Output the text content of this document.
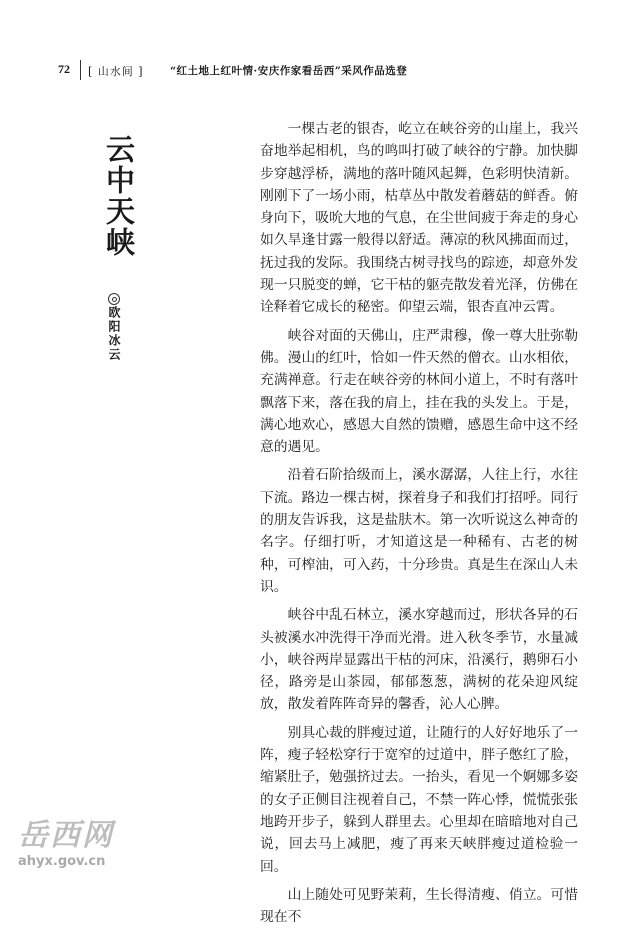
72 [ 山水间 ]	“红土地上红叶情·安庆作家看岳西”采风作品选登
云中天峡
欧阳冰云

一棵古老的银杏，屹立在峡谷旁的山崖上，我兴奋地举起相机，鸟的鸣叫打破了峡谷的宁静。加快脚步穿越浮桥，满地的落叶随风起舞，色彩明快清新。刚刚下了一场小雨，枯草丛中散发着蘑菇的鲜香。俯身向下，吸吮大地的气息，在尘世间疲于奔走的身心如久旱逢甘露一般得以舒适。薄凉的秋风拂面而过，抚过我的发际。我围绕古树寻找鸟的踪迹，却意外发现一只脱变的蝉，它干枯的躯壳散发着光泽，仿佛在诠释着它成长的秘密。仰望云端，银杏直冲云霄。

峡谷对面的天佛山，庄严肃穆，像一尊大肚弥勒佛。漫山的红叶，恰如一件天然的僧衣。山水相依，充满禅意。行走在峡谷旁的林间小道上，不时有落叶飘落下来，落在我的肩上，挂在我的头发上。于是，满心地欢心，感恩大自然的馈赠，感恩生命中这不经意的遇见。

沿着石阶拾级而上，溪水潺潺，人往上行，水往下流。路边一棵古树，探着身子和我们打招呼。同行的朋友告诉我，这是盐肤木。第一次听说这么神奇的名字。仔细打听，才知道这是一种稀有、古老的树种，可榨油，可入药，十分珍贵。真是生在深山人未识。

峡谷中乱石林立，溪水穿越而过，形状各异的石头被溪水冲洗得干净而光滑。进入秋冬季节，水量减小，峡谷两岸显露出干枯的河床，沿溪行，鹅卵石小径，路旁是山茶园，郁郁葱葱，满树的花朵迎风绽放，散发着阵阵奇异的馨香，沁人心脾。

别具心裁的胖瘦过道，让随行的人好好地乐了一阵，瘦子轻松穿行于宽窄的过道中，胖子憋红了脸，缩紧肚子，勉强挤过去。一抬头，看见一个婀娜多姿的女子正侧目注视着自己，不禁一阵心悸，慌慌张张地跨开步子，躲到人群里去。心里却在暗暗地对自己说，回去马上减肥，瘦了再来天峡胖瘦过道检验一回。

山上随处可见野茉莉，生长得清瘦、俏立。可惜现在不

岳西网
ahyx.gov.cn
